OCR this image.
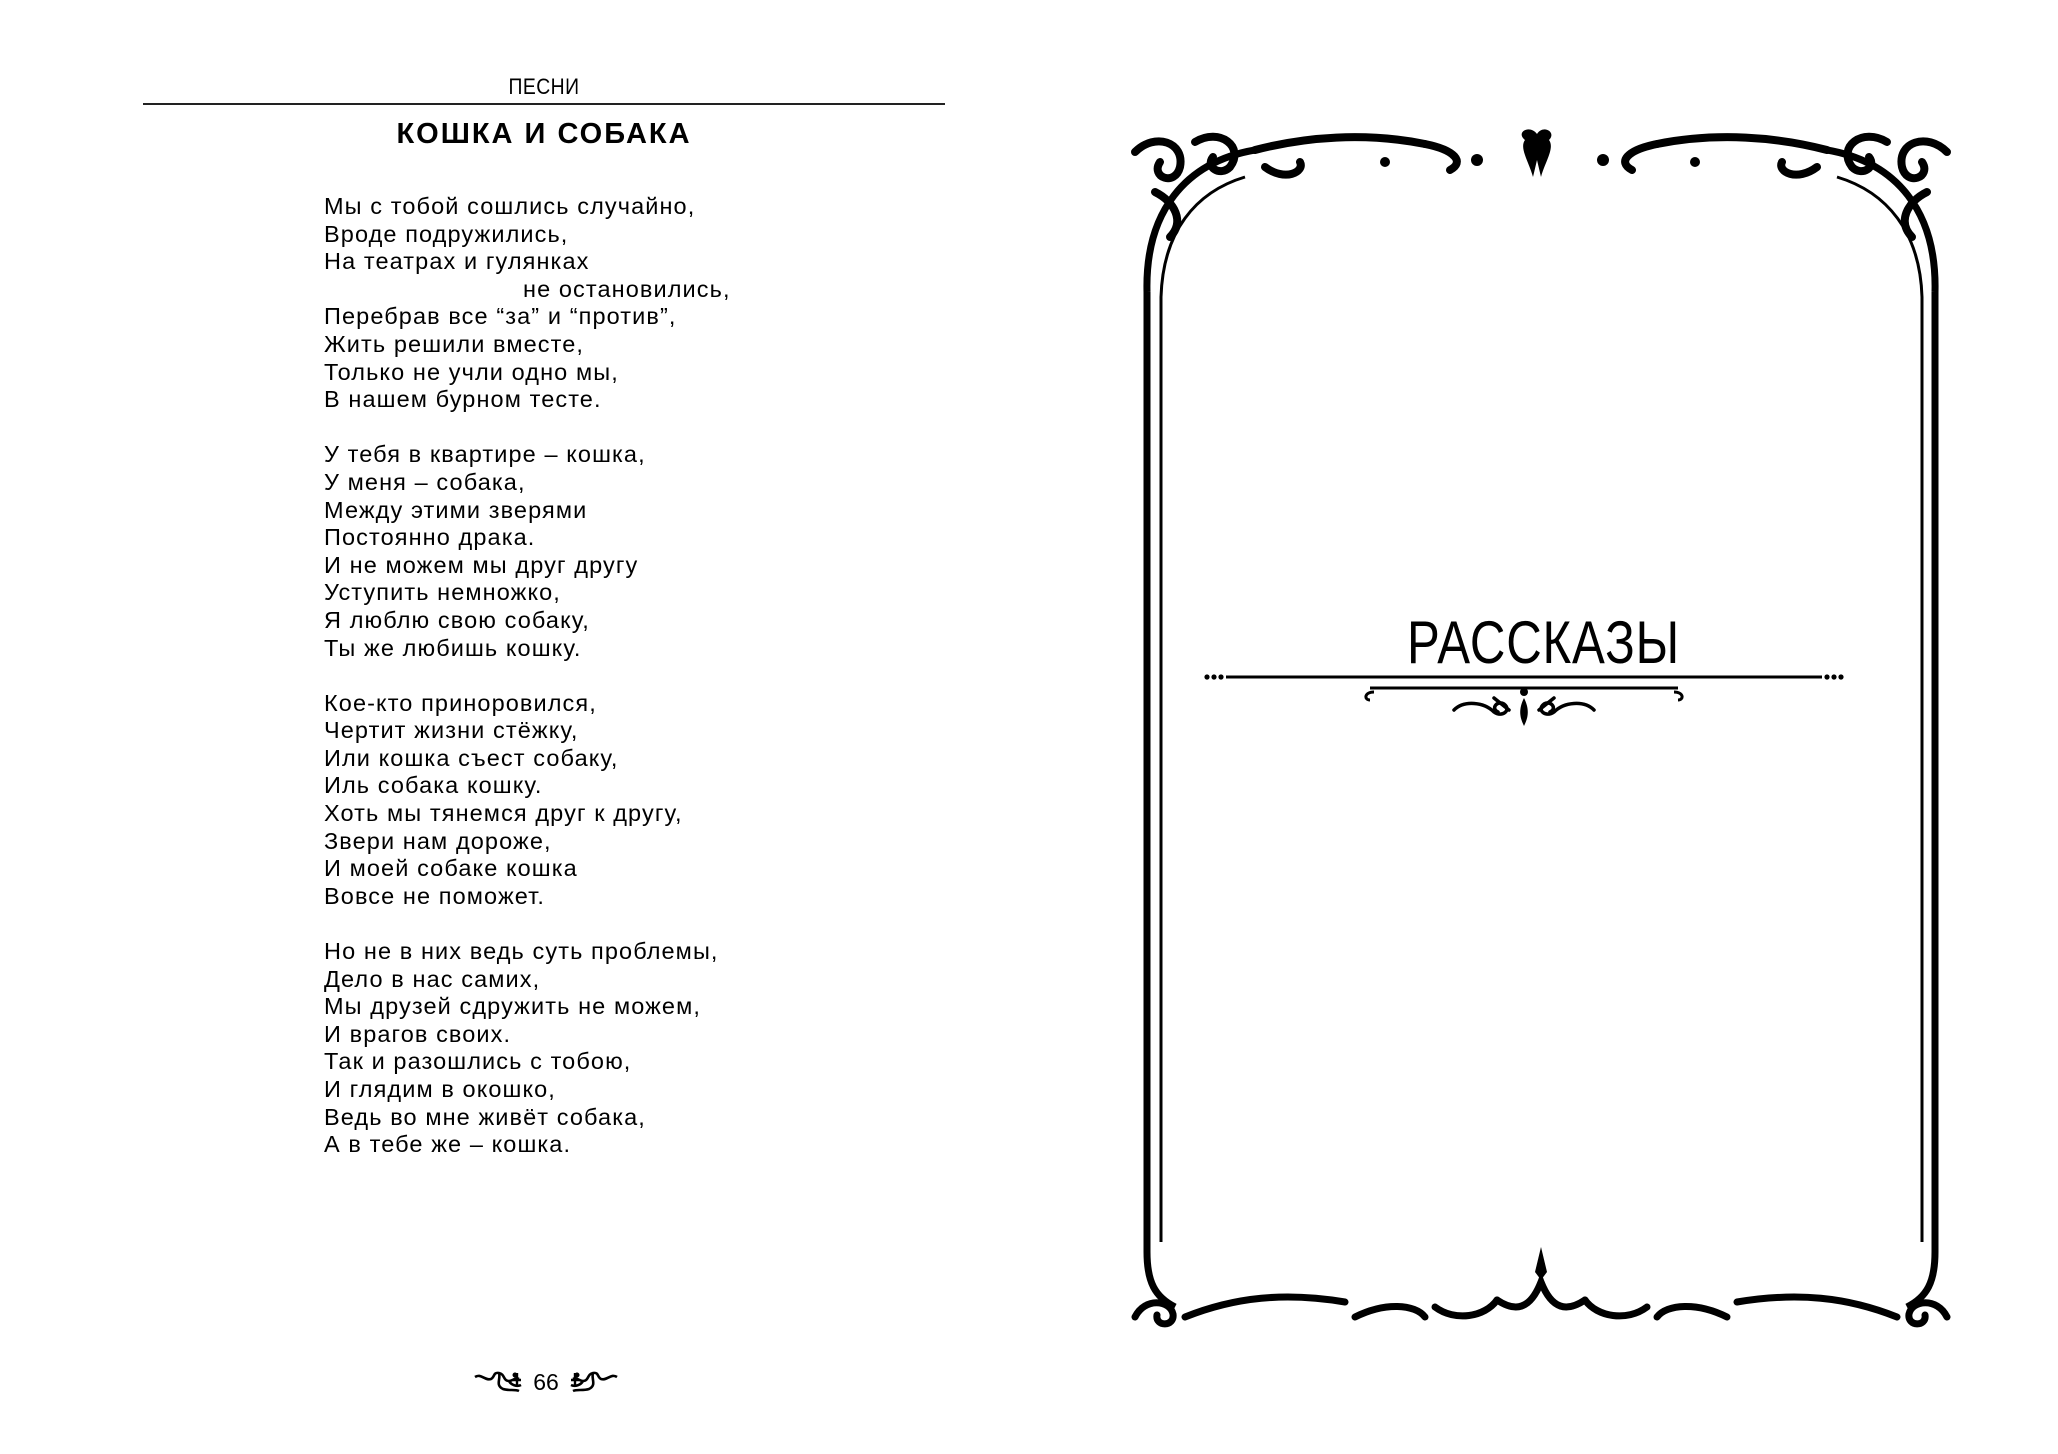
ПЕСНИ
КОШКА И СОБАКА
Мы с тобой сошлись случайно,
Вроде подружились,
На театрах и гулянках
не остановились,
Перебрав все “за” и “против”,
Жить решили вместе,
Только не учли одно мы,
В нашем бурном тесте.
У тебя в квартире – кошка,
У меня – собака,
Между этими зверями
Постоянно драка.
И не можем мы друг другу
Уступить немножко,
Я люблю свою собаку,
Ты же любишь кошку.
Кое-кто приноровился,
Чертит жизни стёжку,
Или кошка съест собаку,
Иль собака кошку.
Хоть мы тянемся друг к другу,
Звери нам дороже,
И моей собаке кошка
Вовсе не поможет.
Но не в них ведь суть проблемы,
Дело в нас самих,
Мы друзей сдружить не можем,
И врагов своих.
Так и разошлись с тобою,
И глядим в окошко,
Ведь во мне живёт собака,
А в тебе же – кошка.
66
РАССКАЗЫ
